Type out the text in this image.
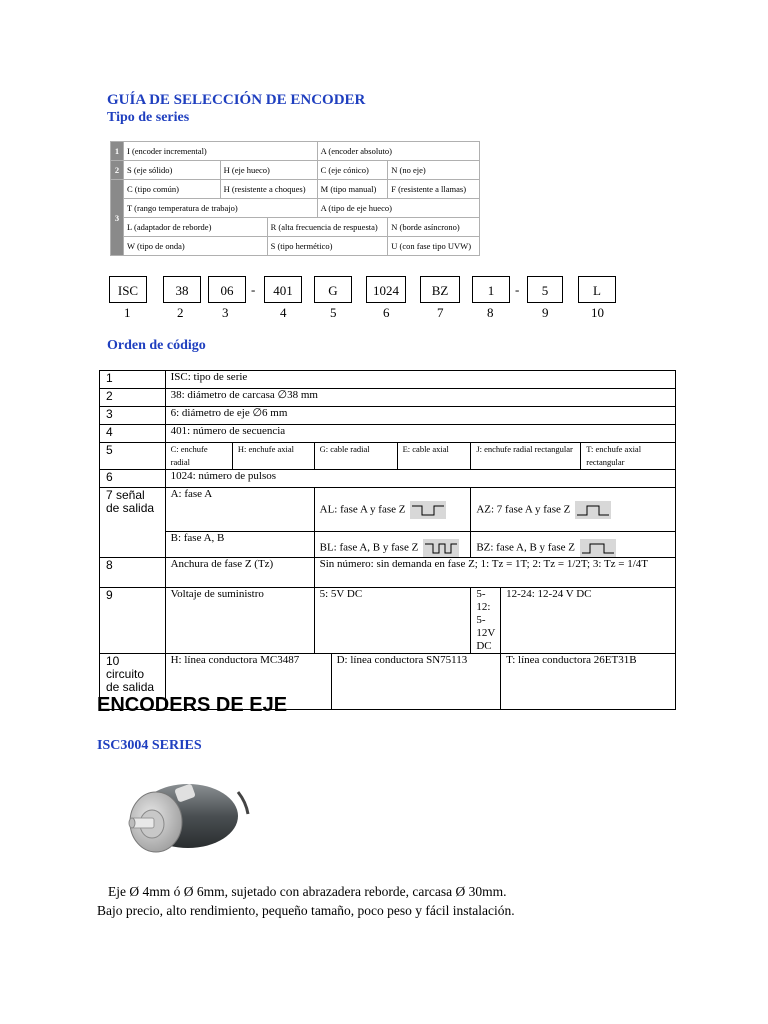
GUÍA DE SELECCIÓN DE ENCODER
Tipo de series
1	I (encoder incremental)			A (encoder absoluto)	
2	S (eje sólido)	H (eje hueco)		C (eje cónico)	N (no eje)
3	C (tipo común)	H (resistente a choques)		M (tipo manual)	F (resistente a llamas)
	T (rango temperatura de trabajo)			A (tipo de eje hueco)	
	L (adaptador de reborde)		R (alta frecuencia de respuesta)		N (borde asíncrono)
	W (tipo de onda)		S (tipo hermético)		U (con fase tipo UVW)
ISC	38	06	-	401	G	1024	BZ	1	-	5	L
1	2	3	4	5	6	7	8	9	10
Orden de código
1	ISC: tipo de serie							
2	38: diámetro de carcasa ∅38 mm							
3	6: diámetro de eje ∅6 mm							
4	401: número de secuencia							
5	C: enchufe radial	H: enchufe axial	G: cable radial		E: cable axial	J: enchufe radial rectangular		T: enchufe axial rectangular
6	1024: número de pulsos							
7 señal de salida	A: fase A		AL: fase A y fase Z			AZ: 7 fase A y fase Z		

	B: fase A, B		BL: fase A, B y fase Z			BZ: fase A, B y fase Z		

8	Anchura de fase Z (Tz)		Sin número: sin demanda en fase Z; 1: Tz = 1T; 2: Tz = 1/2T; 3: Tz = 1/4T					
9	Voltaje de suministro		5: 5V DC			5-12: 5-12V DC	12-24: 12-24 V DC	
10 circuito de salida	H: línea conductora MC3487			D: línea conductora SN75113			T: línea conductora 26ET31B	
ENCODERS DE EJE
ISC3004 SERIES
Eje Ø 4mm ó Ø 6mm, sujetado con abrazadera reborde, carcasa Ø 30mm.
Bajo precio, alto rendimiento, pequeño tamaño, poco peso y fácil instalación.
